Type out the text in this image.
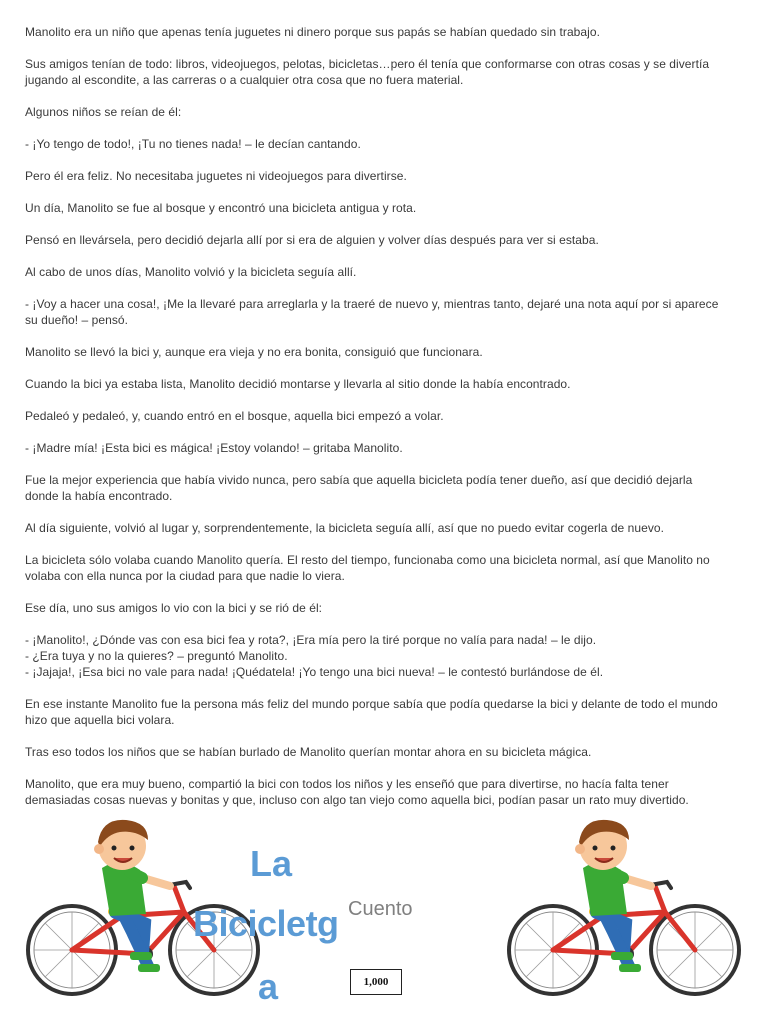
Manolito era un niño que apenas tenía juguetes ni dinero porque sus papás se habían quedado sin trabajo.

Sus amigos tenían de todo: libros, videojuegos, pelotas, bicicletas…pero él tenía que conformarse con otras cosas y se divertía
jugando al escondite, a las carreras o a cualquier otra cosa que no fuera material.

Algunos niños se reían de él:

- ¡Yo tengo de todo!, ¡Tu no tienes nada! – le decían cantando.

Pero él era feliz. No necesitaba juguetes ni videojuegos para divertirse.

Un día, Manolito se fue al bosque y encontró una bicicleta antigua y rota.

Pensó en llevársela, pero decidió dejarla allí por si era de alguien y volver días después para ver si estaba.

Al cabo de unos días, Manolito volvió y la bicicleta seguía allí.

- ¡Voy a hacer una cosa!, ¡Me la llevaré para arreglarla y la traeré de nuevo y, mientras tanto, dejaré una nota aquí por si aparece
su dueño! – pensó.

Manolito se llevó la bici y, aunque era vieja y no era bonita, consiguió que funcionara.

Cuando la bici ya estaba lista, Manolito decidió montarse y llevarla al sitio donde la había encontrado.

Pedaleó y pedaleó, y, cuando entró en el bosque, aquella bici empezó a volar.

- ¡Madre mía! ¡Esta bici es mágica! ¡Estoy volando! – gritaba Manolito.

Fue la mejor experiencia que había vivido nunca, pero sabía que aquella bicicleta podía tener dueño, así que decidió dejarla
donde la había encontrado.

Al día siguiente, volvió al lugar y, sorprendentemente, la bicicleta seguía allí, así que no puedo evitar cogerla de nuevo.

La bicicleta sólo volaba cuando Manolito quería. El resto del tiempo, funcionaba como una bicicleta normal, así que Manolito no
volaba con ella nunca por la ciudad para que nadie lo viera.

Ese día, uno sus amigos lo vio con la bici y se rió de él:

- ¡Manolito!, ¿Dónde vas con esa bici fea y rota?, ¡Era mía pero la tiré porque no valía para nada! – le dijo.
- ¿Era tuya y no la quieres? – preguntó Manolito.
- ¡Jajaja!, ¡Esa bici no vale para nada! ¡Quédatela! ¡Yo tengo una bici nueva! – le contestó burlándose de él.

En ese instante Manolito fue la persona más feliz del mundo porque sabía que podía quedarse la bici y delante de todo el mundo
hizo que aquella bici volara.

Tras eso todos los niños que se habían burlado de Manolito querían montar ahora en su bicicleta mágica.

Manolito, que era muy bueno, compartió la bici con todos los niños y les enseñó que para divertirse, no hacía falta tener
demasiadas cosas nuevas y bonitas y que, incluso con algo tan viejo como aquella bici, podían pasar un rato muy divertido.

La
Bicicletg
a
Cuento
1,000
